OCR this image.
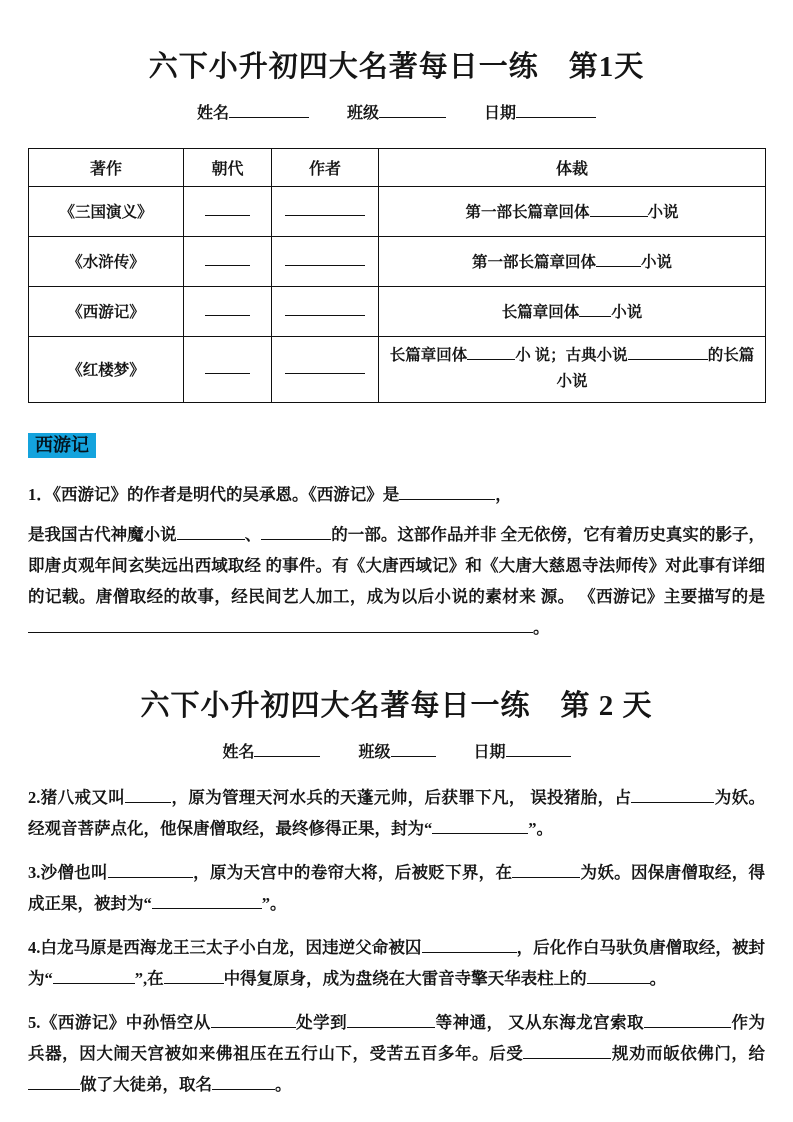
六下小升初四大名著每日一练　第1天
姓名	班级	日期
著作	朝代	作者	体裁
《三国演义》			第一部长篇章回体 小说
《水浒传》			第一部长篇章回体 小说
《西游记》			长篇章回体 小说
《红楼梦》			长篇章回体 小 说；古典小说 的长篇小说
西游记

1．《西游记》的作者是明代的吴承恩。《西游记》是	，

是我国古代神魔小说	、	的一部。这部作品并非 全无依傍，它有着历史真实的影子，即唐贞观年间玄奘远出西域取经 的事件。有《大唐西域记》和《大唐大慈恩寺法师传》对此事有详细 的记载。唐僧取经的故事，经民间艺人加工，成为以后小说的素材来 源。 《西游记》主要描写的是。

六下小升初四大名著每日一练　第 2 天
姓名	班级	日期

2.猪八戒又叫	，原为管理天河水兵的天蓬元帅，后获罪下凡， 误投猪胎，占	为妖。经观音菩萨点化，他保唐僧取经，最终修得正果，封为“	”。

3.沙僧也叫	，原为天宫中的卷帘大将，后被贬下界，在	为妖。因保唐僧取经，得成正果，被封为“	”。

4.白龙马原是西海龙王三太子小白龙，因违逆父命被囚	，后化作白马驮负唐僧取经，被封为“	”,在	中得复原身，成为盘绕在大雷音寺擎天华表柱上的	。

5.《西游记》中孙悟空从	处学到	等神通， 又从东海龙宫索取	作为兵器，因大闹天宫被如来佛祖压在五行山下，受苦五百多年。后受	规劝而皈依佛门，给做了大徒弟，取名	。
